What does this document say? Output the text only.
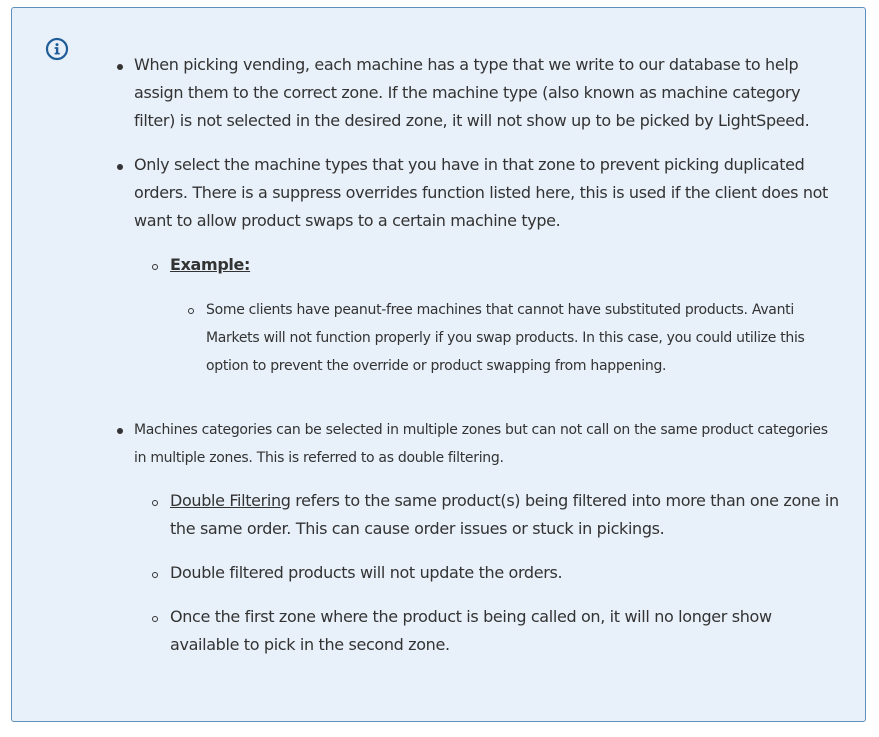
When picking vending, each machine has a type that we write to our database to help assign them to the correct zone. If the machine type (also known as machine category filter) is not selected in the desired zone, it will not show up to be picked by LightSpeed.
Only select the machine types that you have in that zone to prevent picking duplicated orders. There is a suppress overrides function listed here, this is used if the client does not want to allow product swaps to a certain machine type.
Example:
Some clients have peanut-free machines that cannot have substituted products. Avanti Markets will not function properly if you swap products. In this case, you could utilize this option to prevent the override or product swapping from happening.
Machines categories can be selected in multiple zones but can not call on the same product categories in multiple zones. This is referred to as double filtering.
Double Filtering refers to the same product(s) being filtered into more than one zone in the same order. This can cause order issues or stuck in pickings.
Double filtered products will not update the orders.
Once the first zone where the product is being called on, it will no longer show available to pick in the second zone.
